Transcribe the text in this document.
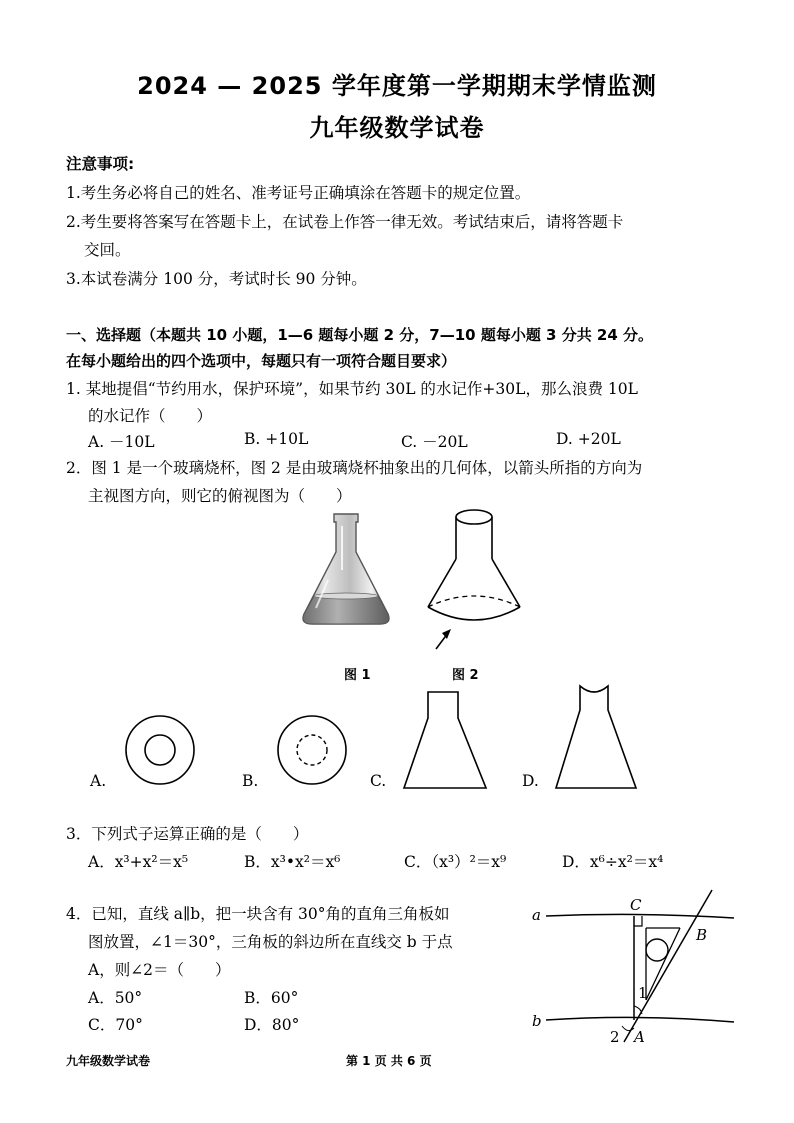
2024 — 2025 学年度第一学期期末学情监测
九年级数学试卷
注意事项:
1.考生务必将自己的姓名、准考证号正确填涂在答题卡的规定位置。
2.考生要将答案写在答题卡上，在试卷上作答一律无效。考试结束后，请将答题卡
交回。
3.本试卷满分 100 分，考试时长 90 分钟。
一、选择题（本题共 10 小题，1—6 题每小题 2 分，7—10 题每小题 3 分共 24 分。
在每小题给出的四个选项中，每题只有一项符合题目要求）
1. 某地提倡“节约用水，保护环境”，如果节约 30L 的水记作+30L，那么浪费 10L
的水记作（　　）
A. －10L	B. +10L	C. －20L	D. +20L
2．图 1 是一个玻璃烧杯，图 2 是由玻璃烧杯抽象出的几何体，以箭头所指的方向为
主视图方向，则它的俯视图为（　　）
图 1	图 2
A.	B.	C.	D.
3．下列式子运算正确的是（　　）
A．x³+x²＝x⁵	B．x³•x²＝x⁶	C．（x³）²＝x⁹	D．x⁶÷x²＝x⁴
4．已知，直线 a∥b，把一块含有 30°角的直角三角板如
图放置，∠1＝30°，三角板的斜边所在直线交 b 于点
A，则∠2＝（　　）
A．50°	B．60°
C．70°	D．80°
a
b
C
B
A
1
2
九年级数学试卷	第 1 页 共 6 页
